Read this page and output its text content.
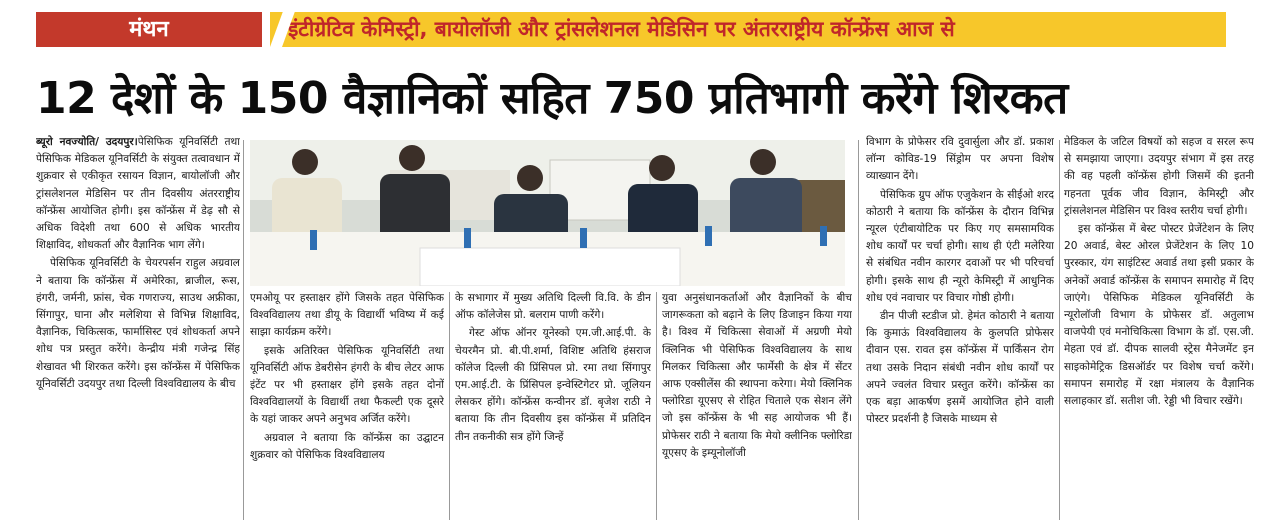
मंथन	इंटीग्रेटिव केमिस्ट्री, बायोलॉजी और ट्रांसलेशनल मेडिसिन पर अंतरराष्ट्रीय कॉन्फ्रेंस आज से
12 देशों के 150 वैज्ञानिकों सहित 750 प्रतिभागी करेंगे शिरकत

ब्यूरो नवज्योति/ उदयपुर।पेसिफिक यूनिवर्सिटी तथा पेसिफिक मेडिकल यूनिवर्सिटी के संयुक्त तत्वावधान में शुक्रवार से एकीकृत रसायन विज्ञान, बायोलॉजी और ट्रांसलेशनल मेडिसिन पर तीन दिवसीय अंतरराष्ट्रीय कॉन्फ्रेंस आयोजित होगी। इस कॉन्फ्रेंस में डेढ़ सौ से अधिक विदेशी तथा 600 से अधिक भारतीय शिक्षाविद, शोधकर्ता और वैज्ञानिक भाग लेंगे।

पेसिफिक यूनिवर्सिटी के चेयरपर्सन राहुल अग्रवाल ने बताया कि कॉन्फ्रेंस में अमेरिका, ब्राजील, रूस, हंगरी, जर्मनी, फ्रांस, चेक गणराज्य, साउथ अफ्रीका, सिंगापुर, घाना और मलेशिया से विभिन्न शिक्षाविद, वैज्ञानिक, चिकित्सक, फार्मासिस्ट एवं शोधकर्ता अपने शोध पत्र प्रस्तुत करेंगे। केन्द्रीय मंत्री गजेन्द्र सिंह शेखावत भी शिरकत करेंगे। इस कॉन्फ्रेंस में पेसिफिक यूनिवर्सिटी उदयपुर तथा दिल्ली विश्वविद्यालय के बीच

एमओयू पर हस्ताक्षर होंगे जिसके तहत पेसिफिक विश्वविद्यालय तथा डीयू के विद्यार्थी भविष्य में कई साझा कार्यक्रम करेंगे।

इसके अतिरिक्त पेसिफिक यूनिवर्सिटी तथा यूनिवर्सिटी ऑफ डेबरीसेन हंगरी के बीच लेटर आफ इंटेंट पर भी हस्ताक्षर होंगे इसके तहत दोनों विश्वविद्यालयों के विद्यार्थी तथा फैकल्टी एक दूसरे के यहां जाकर अपने अनुभव अर्जित करेंगे।

अग्रवाल ने बताया कि कॉन्फ्रेंस का उद्घाटन शुक्रवार को पेसिफिक विश्वविद्यालय

के सभागार में मुख्य अतिथि दिल्ली वि.वि. के डीन ऑफ कॉलेजेस प्रो. बलराम पाणी करेंगे।

गेस्ट ऑफ ऑनर यूनेस्को एम.जी.आई.पी. के चेयरमैन प्रो. बी.पी.शर्मा, विशिष्ट अतिथि हंसराज कॉलेज दिल्ली की प्रिंसिपल प्रो. रमा तथा सिंगापुर एम.आई.टी. के प्रिंसिपल इन्वेस्टिगेटर प्रो. जूलियन लेसकर होंगे। कॉन्फ्रेंस कन्वीनर डॉ. बृजेश राठी ने बताया कि तीन दिवसीय इस कॉन्फ्रेंस में प्रतिदिन तीन तकनीकी सत्र होंगे जिन्हें

युवा अनुसंधानकर्ताओं और वैज्ञानिकों के बीच जागरूकता को बढ़ाने के लिए डिजाइन किया गया है। विश्व में चिकित्सा सेवाओं में अग्रणी मेयो क्लिनिक भी पेसिफिक विश्वविद्यालय के साथ मिलकर चिकित्सा और फार्मेसी के क्षेत्र में सेंटर आफ एक्सीलेंस की स्थापना करेगा। मेयो क्लिनिक फ्लोरिडा यूएसए से रोहित चिताले एक सेशन लेंगे जो इस कॉन्फ्रेंस के भी सह आयोजक भी हैं। प्रोफेसर राठी ने बताया कि मेयो क्लीनिक फ्लोरिडा यूएसए के इम्यूनोलॉजी

विभाग के प्रोफेसर रवि दुवार्सुला और डॉ. प्रकाश लॉन्ग कोविड-19 सिंड्रोम पर अपना विशेष व्याख्यान देंगे।

पेसिफिक ग्रुप ऑफ एजुकेशन के सीईओ शरद कोठारी ने बताया कि कॉन्फ्रेंस के दौरान विभिन्न न्यूरल एंटीबायोटिक पर किए गए समसामयिक शोध कार्यों पर चर्चा होगी। साथ ही एंटी मलेरिया से संबंधित नवीन कारगर दवाओं पर भी परिचर्चा होगी। इसके साथ ही न्यूरो केमिस्ट्री में आधुनिक शोध एवं नवाचार पर विचार गोष्ठी होगी।

डीन पीजी स्टडीज प्रो. हेमंत कोठारी ने बताया कि कुमाऊं विश्वविद्यालय के कुलपति प्रोफेसर दीवान एस. रावत इस कॉन्फ्रेंस में पार्किंसन रोग तथा उसके निदान संबंधी नवीन शोध कार्यों पर अपने ज्वलंत विचार प्रस्तुत करेंगे। कॉन्फ्रेंस का एक बड़ा आकर्षण इसमें आयोजित होने वाली पोस्टर प्रदर्शनी है जिसके माध्यम से

मेडिकल के जटिल विषयों को सहज व सरल रूप से समझाया जाएगा। उदयपुर संभाग में इस तरह की वह पहली कॉन्फ्रेंस होगी जिसमें की इतनी गहनता पूर्वक जीव विज्ञान, केमिस्ट्री और ट्रांसलेशनल मेडिसिन पर विश्व स्तरीय चर्चा होगी।

इस कॉन्फ्रेंस में बेस्ट पोस्टर प्रेजेंटेशन के लिए 20 अवार्ड, बेस्ट ओरल प्रेजेंटेशन के लिए 10 पुरस्कार, यंग साइंटिस्ट अवार्ड तथा इसी प्रकार के अनेकों अवार्ड कॉन्फ्रेंस के समापन समारोह में दिए जाएंगे। पेसिफिक मेडिकल यूनिवर्सिटी के न्यूरोलॉजी विभाग के प्रोफेसर डॉ. अतुलाभ वाजपेयी एवं मनोचिकित्सा विभाग के डॉ. एस.जी. मेहता एवं डॉ. दीपक सालवी स्ट्रेस मैनेजमेंट इन साइकोमेट्रिक डिसऑर्डर पर विशेष चर्चा करेंगे। समापन समारोह में रक्षा मंत्रालय के वैज्ञानिक सलाहकार डॉ. सतीश जी. रेड्डी भी विचार रखेंगे।
